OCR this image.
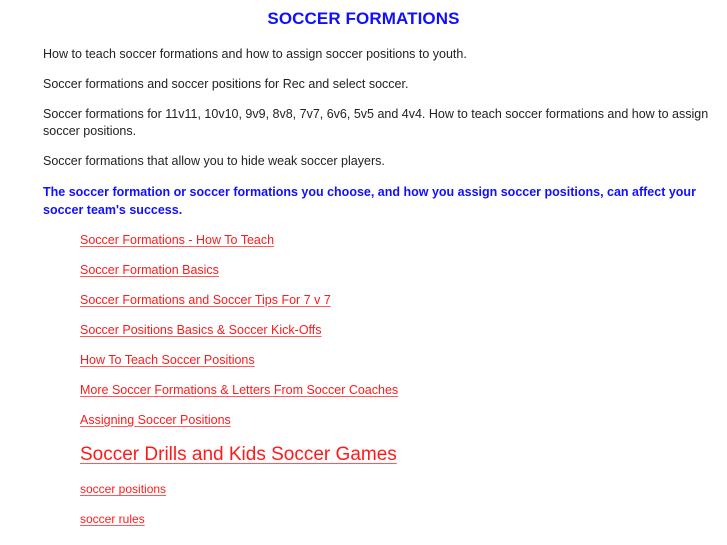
SOCCER FORMATIONS

How to teach soccer formations and how to assign soccer positions to youth.

Soccer formations and soccer positions for Rec and select soccer.

Soccer formations for 11v11, 10v10, 9v9, 8v8, 7v7, 6v6, 5v5 and 4v4. How to teach soccer formations and how to assign soccer positions.

Soccer formations that allow you to hide weak soccer players.

The soccer formation or soccer formations you choose, and how you assign soccer positions, can affect your soccer team's success.

Soccer Formations - How To Teach
Soccer Formation Basics
Soccer Formations and Soccer Tips For 7 v 7
Soccer Positions Basics & Soccer Kick-Offs
How To Teach Soccer Positions
More Soccer Formations & Letters From Soccer Coaches
Assigning Soccer Positions
Soccer Drills and Kids Soccer Games
soccer positions
soccer rules
